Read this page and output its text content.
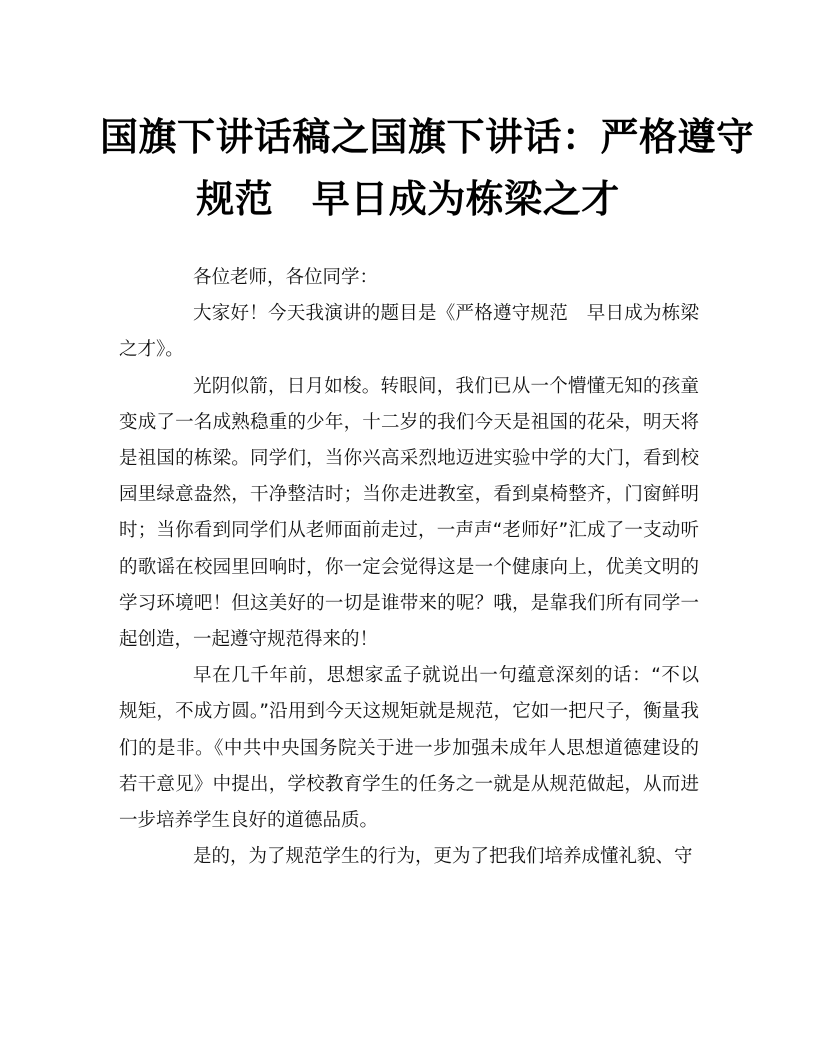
国旗下讲话稿之国旗下讲话：严格遵守
规范　早日成为栋梁之才

各位老师，各位同学：

大家好！今天我演讲的题目是《严格遵守规范　早日成为栋梁之才》。

光阴似箭，日月如梭。转眼间，我们已从一个懵懂无知的孩童变成了一名成熟稳重的少年，十二岁的我们今天是祖国的花朵，明天将是祖国的栋梁。同学们，当你兴高采烈地迈进实验中学的大门，看到校园里绿意盎然，干净整洁时；当你走进教室，看到桌椅整齐，门窗鲜明时；当你看到同学们从老师面前走过，一声声“老师好”汇成了一支动听的歌谣在校园里回响时，你一定会觉得这是一个健康向上，优美文明的学习环境吧！但这美好的一切是谁带来的呢？哦，是靠我们所有同学一起创造，一起遵守规范得来的！

早在几千年前，思想家孟子就说出一句蕴意深刻的话：“不以规矩，不成方圆。”沿用到今天这规矩就是规范，它如一把尺子，衡量我们的是非。《中共中央国务院关于进一步加强未成年人思想道德建设的若干意见》中提出，学校教育学生的任务之一就是从规范做起，从而进一步培养学生良好的道德品质。

是的，为了规范学生的行为，更为了把我们培养成懂礼貌、守
